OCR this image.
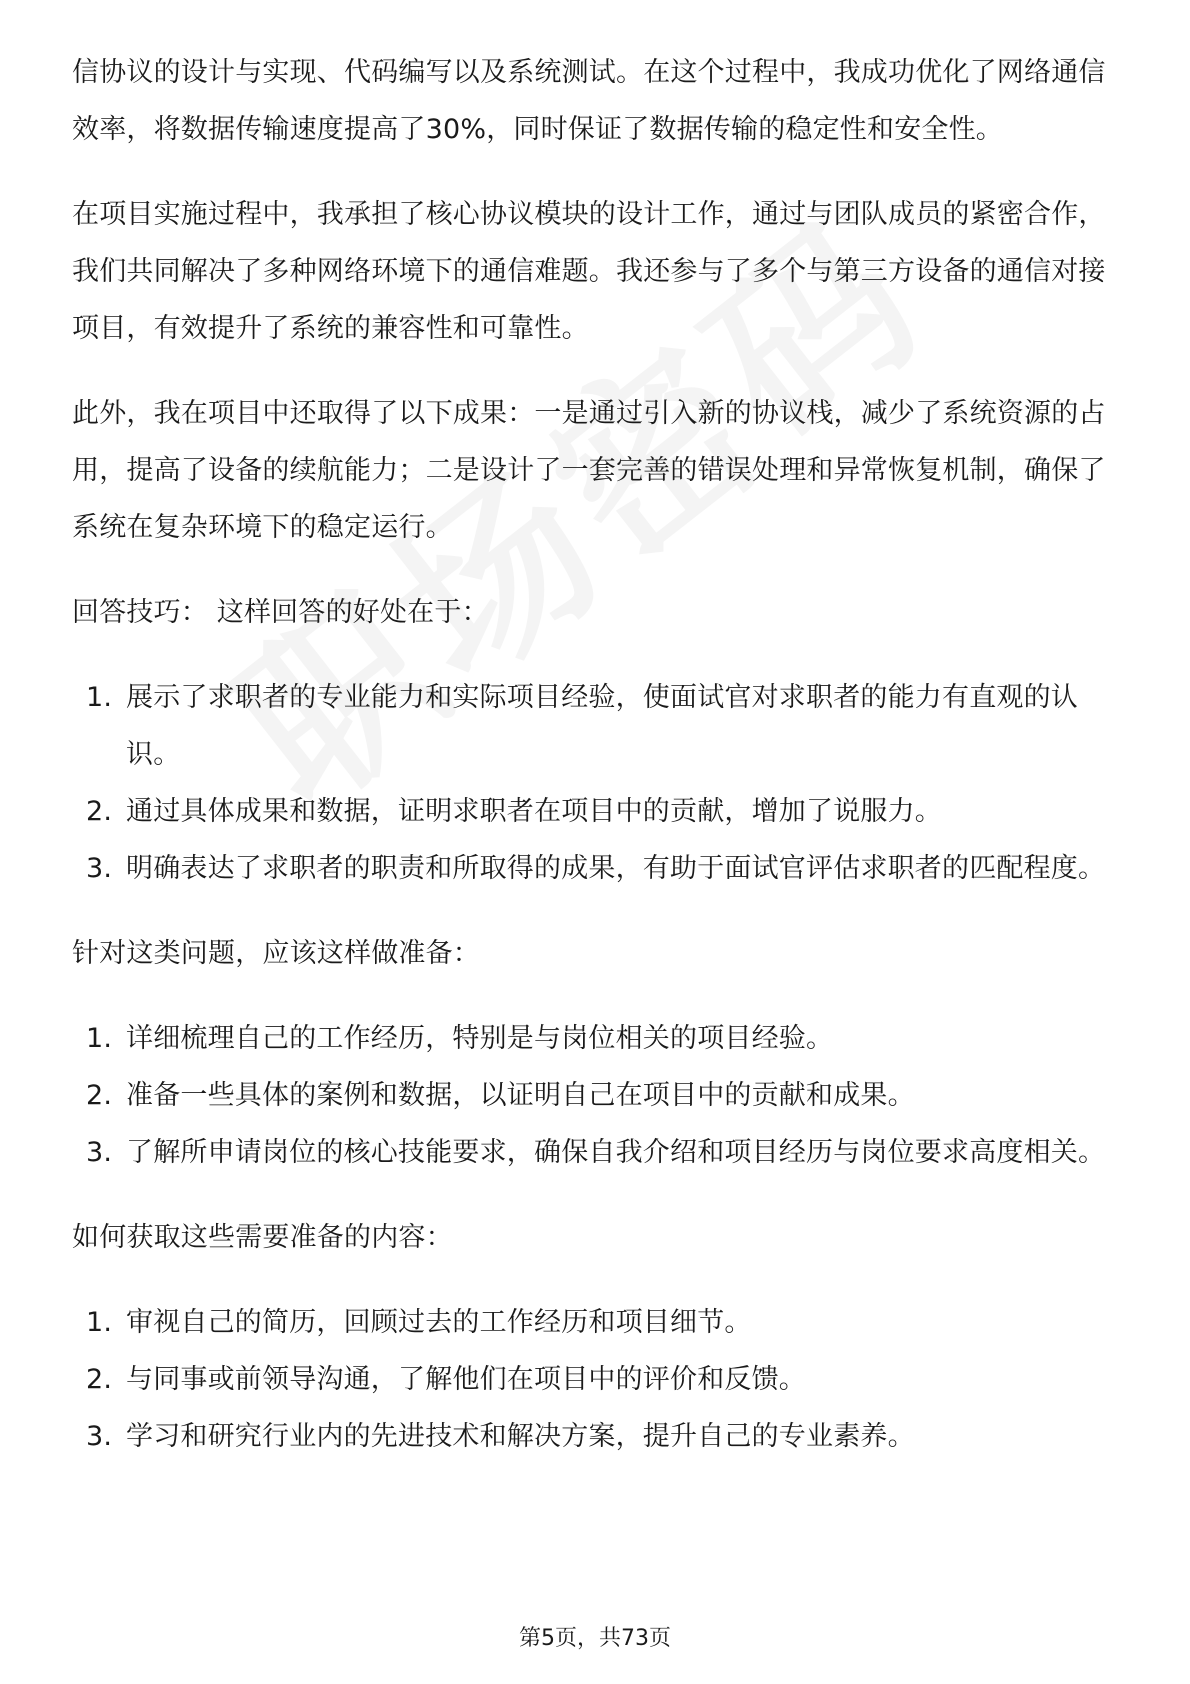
信协议的设计与实现、代码编写以及系统测试。在这个过程中，我成功优化了网络通信效率，将数据传输速度提高了30%，同时保证了数据传输的稳定性和安全性。

在项目实施过程中，我承担了核心协议模块的设计工作，通过与团队成员的紧密合作，我们共同解决了多种网络环境下的通信难题。我还参与了多个与第三方设备的通信对接项目，有效提升了系统的兼容性和可靠性。

此外，我在项目中还取得了以下成果：一是通过引入新的协议栈，减少了系统资源的占用，提高了设备的续航能力；二是设计了一套完善的错误处理和异常恢复机制，确保了系统在复杂环境下的稳定运行。

回答技巧： 这样回答的好处在于：

1. 展示了求职者的专业能力和实际项目经验，使面试官对求职者的能力有直观的认识。
2. 通过具体成果和数据，证明求职者在项目中的贡献，增加了说服力。
3. 明确表达了求职者的职责和所取得的成果，有助于面试官评估求职者的匹配程度。

针对这类问题，应该这样做准备：

1. 详细梳理自己的工作经历，特别是与岗位相关的项目经验。
2. 准备一些具体的案例和数据，以证明自己在项目中的贡献和成果。
3. 了解所申请岗位的核心技能要求，确保自我介绍和项目经历与岗位要求高度相关。

如何获取这些需要准备的内容：

1. 审视自己的简历，回顾过去的工作经历和项目细节。
2. 与同事或前领导沟通，了解他们在项目中的评价和反馈。
3. 学习和研究行业内的先进技术和解决方案，提升自己的专业素养。
第5页，共73页
